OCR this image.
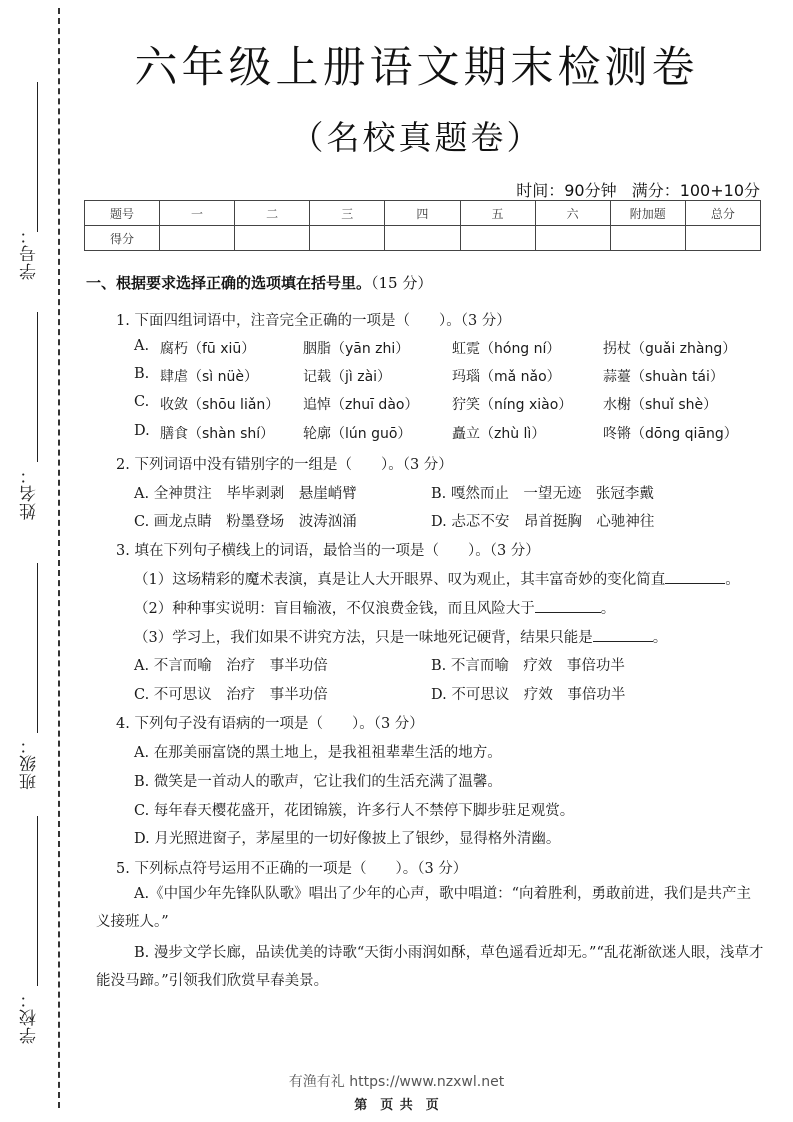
学号：
姓名：
班级：
学校：
六年级上册语文期末检测卷
（名校真题卷）
时间：90分钟 满分：100+10分
题号	一	二	三	四	五	六	附加题	总分
得分								
一、根据要求选择正确的选项填在括号里。（15 分）
1. 下面四组词语中，注音完全正确的一项是（　　）。（3 分）
A. 腐朽（fū xiū）	胭脂（yān zhi）	虹霓（hóng ní）	拐杖（guǎi zhàng）
B. 肆虐（sì nüè）	记载（jì zài）	玛瑙（mǎ nǎo）	蒜薹（shuàn tái）
C. 收敛（shōu liǎn） 追悼（zhuī dào） 狞笑（níng xiào） 水榭（shuǐ shè）
D. 膳食（shàn shí） 轮廓（lún guō）	矗立（zhù lì）	咚锵（dōng qiāng）
2. 下列词语中没有错别字的一组是（　　）。（3 分）
A. 全神贯注　毕毕剥剥　悬崖峭臂	B. 嘎然而止　一望无迹　张冠李戴
C. 画龙点睛　粉墨登场　波涛汹涌	D. 忐忑不安　昂首挺胸　心驰神往
3. 填在下列句子横线上的词语，最恰当的一项是（　　）。（3 分）
（1）这场精彩的魔术表演，真是让人大开眼界、叹为观止，其丰富奇妙的变化简直	。
（2）种种事实说明：盲目输液，不仅浪费金钱，而且风险大于	。
（3）学习上，我们如果不讲究方法，只是一味地死记硬背，结果只能是	。
A. 不言而喻　治疗　事半功倍	B. 不言而喻　疗效　事倍功半
C. 不可思议　治疗　事半功倍	D. 不可思议　疗效　事倍功半
4. 下列句子没有语病的一项是（　　）。（3 分）
A. 在那美丽富饶的黑土地上，是我祖祖辈辈生活的地方。
B. 微笑是一首动人的歌声，它让我们的生活充满了温馨。
C. 每年春天樱花盛开，花团锦簇，许多行人不禁停下脚步驻足观赏。
D. 月光照进窗子，茅屋里的一切好像披上了银纱，显得格外清幽。
5. 下列标点符号运用不正确的一项是（　　）。（3 分）
A.《中国少年先锋队队歌》唱出了少年的心声，歌中唱道：“向着胜利，勇敢前进，我们是共产主义接班人。”
B. 漫步文学长廊，品读优美的诗歌“天街小雨润如酥，草色遥看近却无。”“乱花渐欲迷人眼，浅草才能没马蹄。”引领我们欣赏早春美景。
有渔有礼 https://www.nzxwl.net
第　页 共　页
